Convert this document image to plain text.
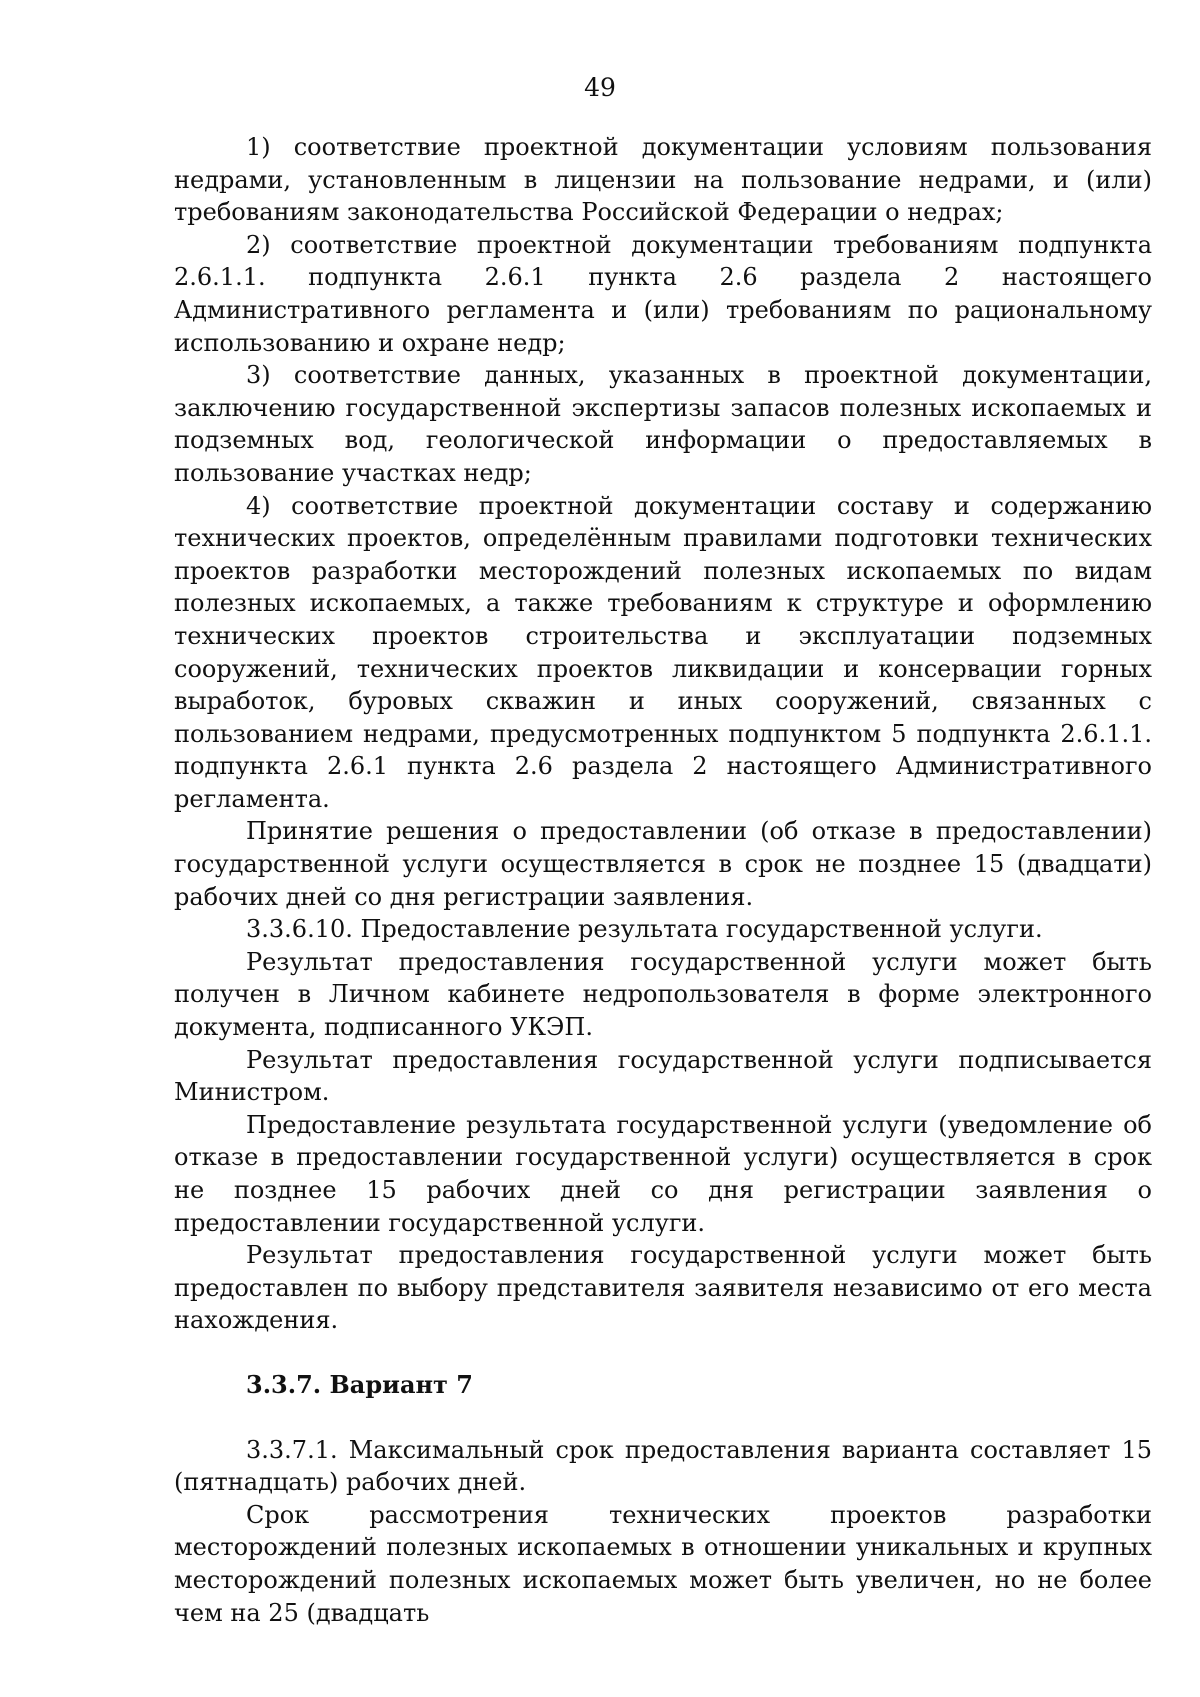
49

1) соответствие проектной документации условиям пользования недрами, установленным в лицензии на пользование недрами, и (или) требованиям законодательства Российской Федерации о недрах;

2) соответствие проектной документации требованиям подпункта 2.6.1.1. подпункта 2.6.1 пункта 2.6 раздела 2 настоящего Административного регламента и (или) требованиям по рациональному использованию и охране недр;

3) соответствие данных, указанных в проектной документации, заключению государственной экспертизы запасов полезных ископаемых и подземных вод, геологической информации о предоставляемых в пользование участках недр;

4) соответствие проектной документации составу и содержанию технических проектов, определённым правилами подготовки технических проектов разработки месторождений полезных ископаемых по видам полезных ископаемых, а также требованиям к структуре и оформлению технических проектов строительства и эксплуатации подземных сооружений, технических проектов ликвидации и консервации горных выработок, буровых скважин и иных сооружений, связанных с пользованием недрами, предусмотренных подпунктом 5 подпункта 2.6.1.1. подпункта 2.6.1 пункта 2.6 раздела 2 настоящего Административного регламента.

Принятие решения о предоставлении (об отказе в предоставлении) государственной услуги осуществляется в срок не позднее 15 (двадцати) рабочих дней со дня регистрации заявления.

3.3.6.10. Предоставление результата государственной услуги.

Результат предоставления государственной услуги может быть получен в Личном кабинете недропользователя в форме электронного документа, подписанного УКЭП.

Результат предоставления государственной услуги подписывается Министром.

Предоставление результата государственной услуги (уведомление об отказе в предоставлении государственной услуги) осуществляется в срок не позднее 15 рабочих дней со дня регистрации заявления о предоставлении государственной услуги.

Результат предоставления государственной услуги может быть предоставлен по выбору представителя заявителя независимо от его места нахождения.

3.3.7. Вариант 7

3.3.7.1. Максимальный срок предоставления варианта составляет 15 (пятнадцать) рабочих дней.

Срок рассмотрения технических проектов разработки месторождений полезных ископаемых в отношении уникальных и крупных месторождений полезных ископаемых может быть увеличен, но не более чем на 25 (двадцать
